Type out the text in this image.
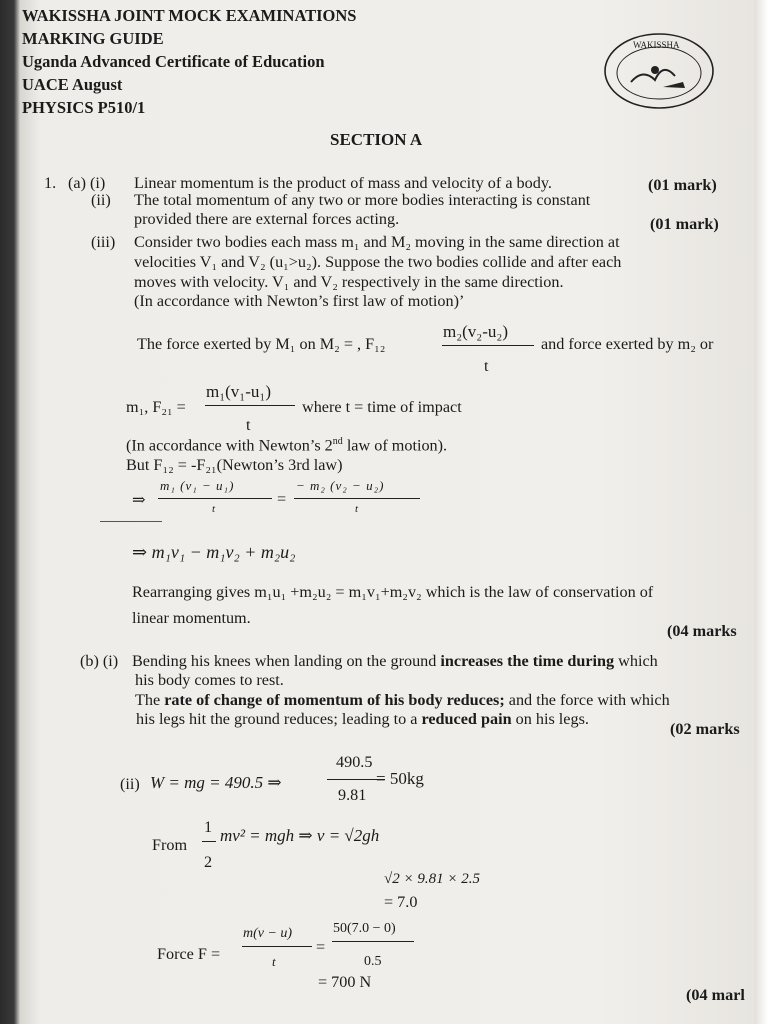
WAKISSHA JOINT MOCK EXAMINATIONS
MARKING GUIDE
Uganda Advanced Certificate of Education
UACE August
PHYSICS P510/1
WAKISSHA
SECTION A
1. (a) (i) Linear momentum is the product of mass and velocity of a body.	(01 mark)
(ii) The total momentum of any two or more bodies interacting is constant
provided there are external forces acting.	(01 mark)
(iii) Consider two bodies each mass m₁ and M₂ moving in the same direction at
velocities V₁ and V₂ (u₁>u₂). Suppose the two bodies collide and after each
moves with velocity. V₁ and V₂ respectively in the same direction.
(In accordance with Newton’s first law of motion)’
The force exerted by M₁ on M₂ = , F₁₂
m₂(v₂-u₂)
t
and force exerted by m₂ or
m₁, F₂₁ =
m₁(v₁-u₁)
t
where t = time of impact
(In accordance with Newton’s 2nd law of motion).
But F₁₂ = -F₂₁(Newton’s 3rd law)
⇒
m₁ (v₁ − u₁)
t
=
− m₂ (v₂ − u₂)
t
⇒ m₁v₁ − m₁v₂ + m₂u₂
Rearranging gives m₁u₁ +m₂u₂ = m₁v₁+m₂v₂ which is the law of conservation of
linear momentum.
(04 marks
(b) (i) Bending his knees when landing on the ground increases the time during which
his body comes to rest.
The rate of change of momentum of his body reduces; and the force with which
his legs hit the ground reduces; leading to a reduced pain on his legs.
(02 marks
(ii) W = mg = 490.5 ⇒
490.5
9.81
= 50kg
From
1
2
mv² = mgh ⇒ v = √2gh
√2 × 9.81 × 2.5
= 7.0
Force F =
m(v − u)
t
=
50(7.0 − 0)
0.5
= 700 N
(04 marl
